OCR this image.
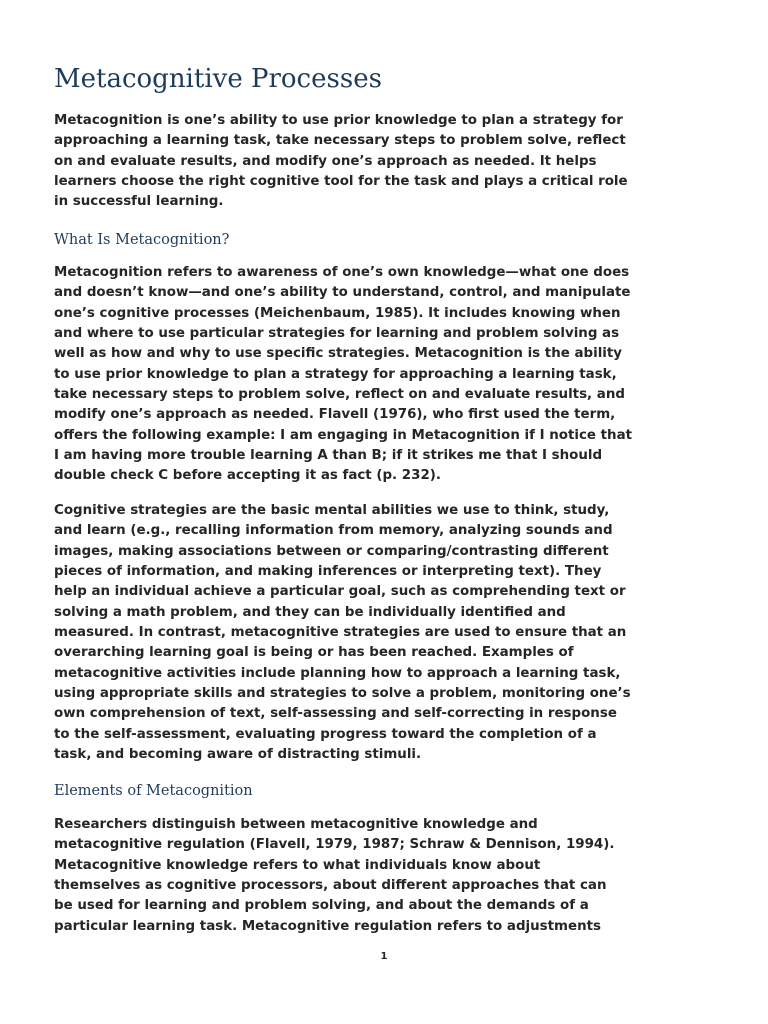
Metacognitive Processes

Metacognition is one’s ability to use prior knowledge to plan a strategy for
approaching a learning task, take necessary steps to problem solve, reflect
on and evaluate results, and modify one’s approach as needed. It helps
learners choose the right cognitive tool for the task and plays a critical role
in successful learning.

What Is Metacognition?

Metacognition refers to awareness of one’s own knowledge—what one does
and doesn’t know—and one’s ability to understand, control, and manipulate
one’s cognitive processes (Meichenbaum, 1985). It includes knowing when
and where to use particular strategies for learning and problem solving as
well as how and why to use specific strategies. Metacognition is the ability
to use prior knowledge to plan a strategy for approaching a learning task,
take necessary steps to problem solve, reflect on and evaluate results, and
modify one’s approach as needed. Flavell (1976), who first used the term,
offers the following example: I am engaging in Metacognition if I notice that
I am having more trouble learning A than B; if it strikes me that I should
double check C before accepting it as fact (p. 232).

Cognitive strategies are the basic mental abilities we use to think, study,
and learn (e.g., recalling information from memory, analyzing sounds and
images, making associations between or comparing/contrasting different
pieces of information, and making inferences or interpreting text). They
help an individual achieve a particular goal, such as comprehending text or
solving a math problem, and they can be individually identified and
measured. In contrast, metacognitive strategies are used to ensure that an
overarching learning goal is being or has been reached. Examples of
metacognitive activities include planning how to approach a learning task,
using appropriate skills and strategies to solve a problem, monitoring one’s
own comprehension of text, self-assessing and self-correcting in response
to the self-assessment, evaluating progress toward the completion of a
task, and becoming aware of distracting stimuli.

Elements of Metacognition

Researchers distinguish between metacognitive knowledge and
metacognitive regulation (Flavell, 1979, 1987; Schraw & Dennison, 1994).
Metacognitive knowledge refers to what individuals know about
themselves as cognitive processors, about different approaches that can
be used for learning and problem solving, and about the demands of a
particular learning task. Metacognitive regulation refers to adjustments

1
